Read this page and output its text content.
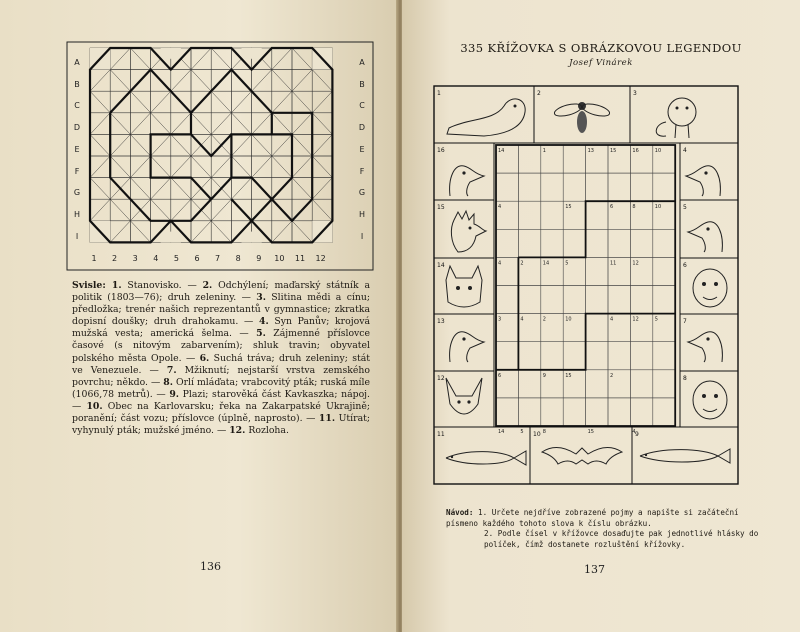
A
B
C
D
E
F
G
H
I
A
B
C
D
E
F
G
H
I
1	2	3	4	5	6	7	8	9	10	11	12
Svisle: 1. Stanovisko. — 2. Odchýlení; maďarský státník a politik (1803—76); druh zeleniny. — 3. Slitina mědi a cínu; předložka; trenér našich reprezentantů v gymnastice; zkratka dopisní doušky; druh drahokamu. — 4. Syn Panův; krojová mužská vesta; americká šelma. — 5. Zájmenné příslovce časové (s nitovým zabarvením); shluk travin; obyvatel polského města Opole. — 6. Suchá tráva; druh zeleniny; stát ve Venezuele. — 7. Mžiknutí; nejstarší vrstva zemského povrchu; někdo. — 8. Orlí mláďata; vrabcovitý pták; ruská míle (1066,78 metrů). — 9. Plazi; starověká část Kavkaszka; nápoj. — 10. Obec na Karlovarsku; řeka na Zakarpatské Ukrajině; poranění; část vozu; příslovce (úplně, naprosto). — 11. Utírat; vyhynulý pták; mužské jméno. — 12. Rozloha.
136
335 KŘÍŽOVKA S OBRÁZKOVOU LEGENDOU
Josef Vinárek
1	2	3
4
5
6
7
8
9
10
11
12
13
14
15
16	14	1	13	15	16	10
4	15	6	8	10
4	2	14	5	11	12
3	4	2	10	4	12	5
6	9	15	2
14	5	8	15	4

Návod: 1. Určete nejdříve zobrazené pojmy a napište si začáteční písmeno každého tohoto slova k číslu obrázku.

2. Podle čísel v křížovce dosaďujte pak jednotlivé hlásky do políček, čímž dostanete rozluštění křížovky.

137
